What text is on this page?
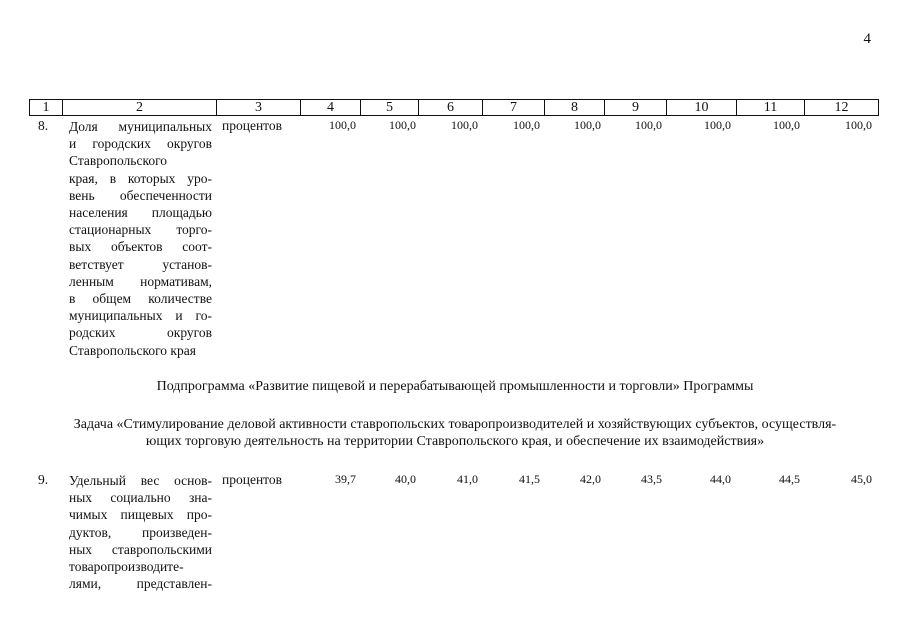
4
1	2	3	4	5	6	7	8	9	10	11	12
8. Доля муниципальных
и городских округов
Ставропольского
края, в которых уро-
вень обеспеченности
населения площадью
стационарных торго-
вых объектов соот-
ветствует установ-
ленным нормативам,
в общем количестве
муниципальных и го-
родских округов
Ставропольского края
процентов	100,0	100,0	100,0	100,0	100,0	100,0	100,0	100,0	100,0
Подпрограмма «Развитие пищевой и перерабатывающей промышленности и торговли» Программы
Задача «Стимулирование деловой активности ставропольских товаропроизводителей и хозяйствующих субъектов, осуществля-
ющих торговую деятельность на территории Ставропольского края, и обеспечение их взаимодействия»
9. Удельный вес основ-
ных социально зна-
чимых пищевых про-
дуктов, произведен-
ных ставропольскими
товаропроизводите-
лями, представлен-
процентов	39,7	40,0	41,0	41,5	42,0	43,5	44,0	44,5	45,0
